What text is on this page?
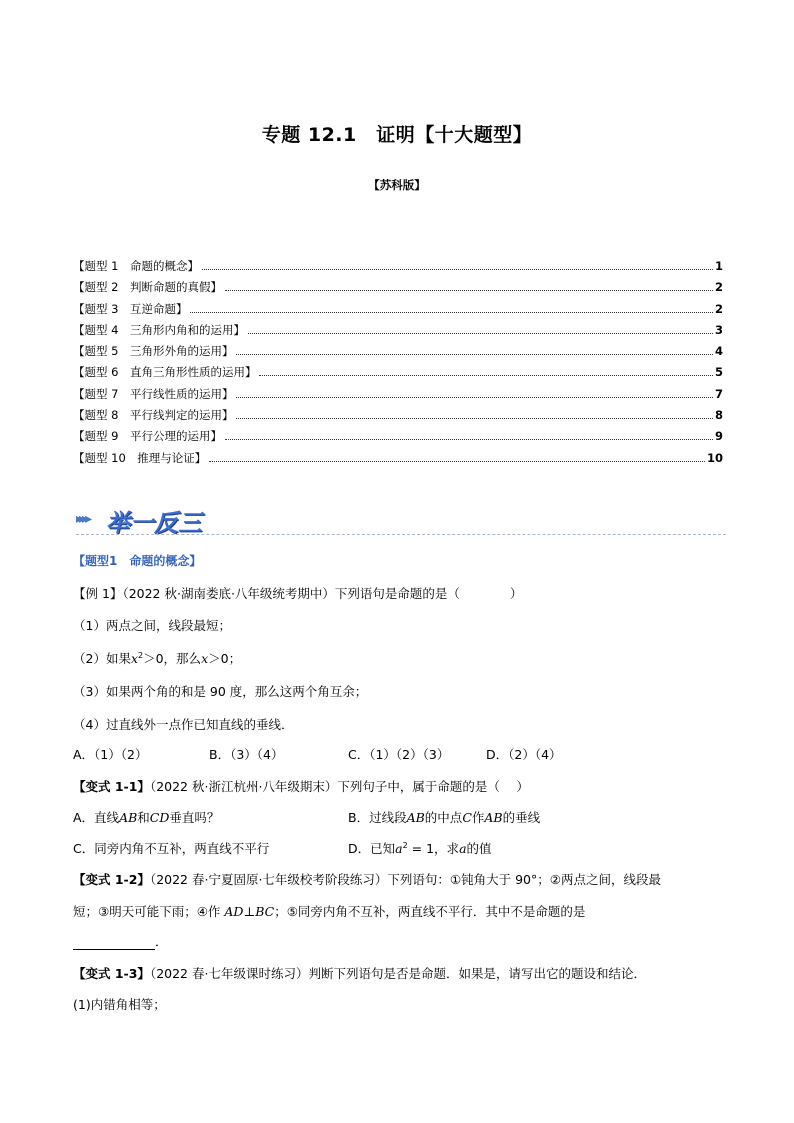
专题 12.1　证明【十大题型】
【苏科版】
【题型 1　命题的概念】	1
【题型 2　判断命题的真假】	2
【题型 3　互逆命题】	2
【题型 4　三角形内角和的运用】	3
【题型 5　三角形外角的运用】	4
【题型 6　直角三角形性质的运用】	5
【题型 7　平行线性质的运用】	7
【题型 8　平行线判定的运用】	8
【题型 9　平行公理的运用】	9
【题型 10　推理与论证】	10
▸▸▸▸ 举一反三
【题型1　命题的概念】
【例 1】（2022 秋·湖南娄底·八年级统考期中）下列语句是命题的是（　　　　）
（1）两点之间，线段最短；
（2）如果$x^2>0$，那么x＞0；
（3）如果两个角的和是 90 度，那么这两个角互余；
（4）过直线外一点作已知直线的垂线．
A．（1）（2）	B．（3）（4）	C．（1）（2）（3）	D．（2）（4）
【变式 1-1】（2022 秋·浙江杭州·八年级期末）下列句子中，属于命题的是（　 ）
A．直线AB和CD垂直吗？	B．过线段AB的中点C作AB的垂线
C．同旁内角不互补，两直线不平行	D．已知$a^2 = 1$，求a的值
【变式 1-2】（2022 春·宁夏固原·七年级校考阶段练习）下列语句：①钝角大于 90°；②两点之间，线段最
短；③明天可能下雨；④作 AD⊥BC；⑤同旁内角不互补，两直线不平行．其中不是命题的是
．
【变式 1-3】（2022 春·七年级课时练习）判断下列语句是否是命题．如果是，请写出它的题设和结论．
(1)内错角相等；
